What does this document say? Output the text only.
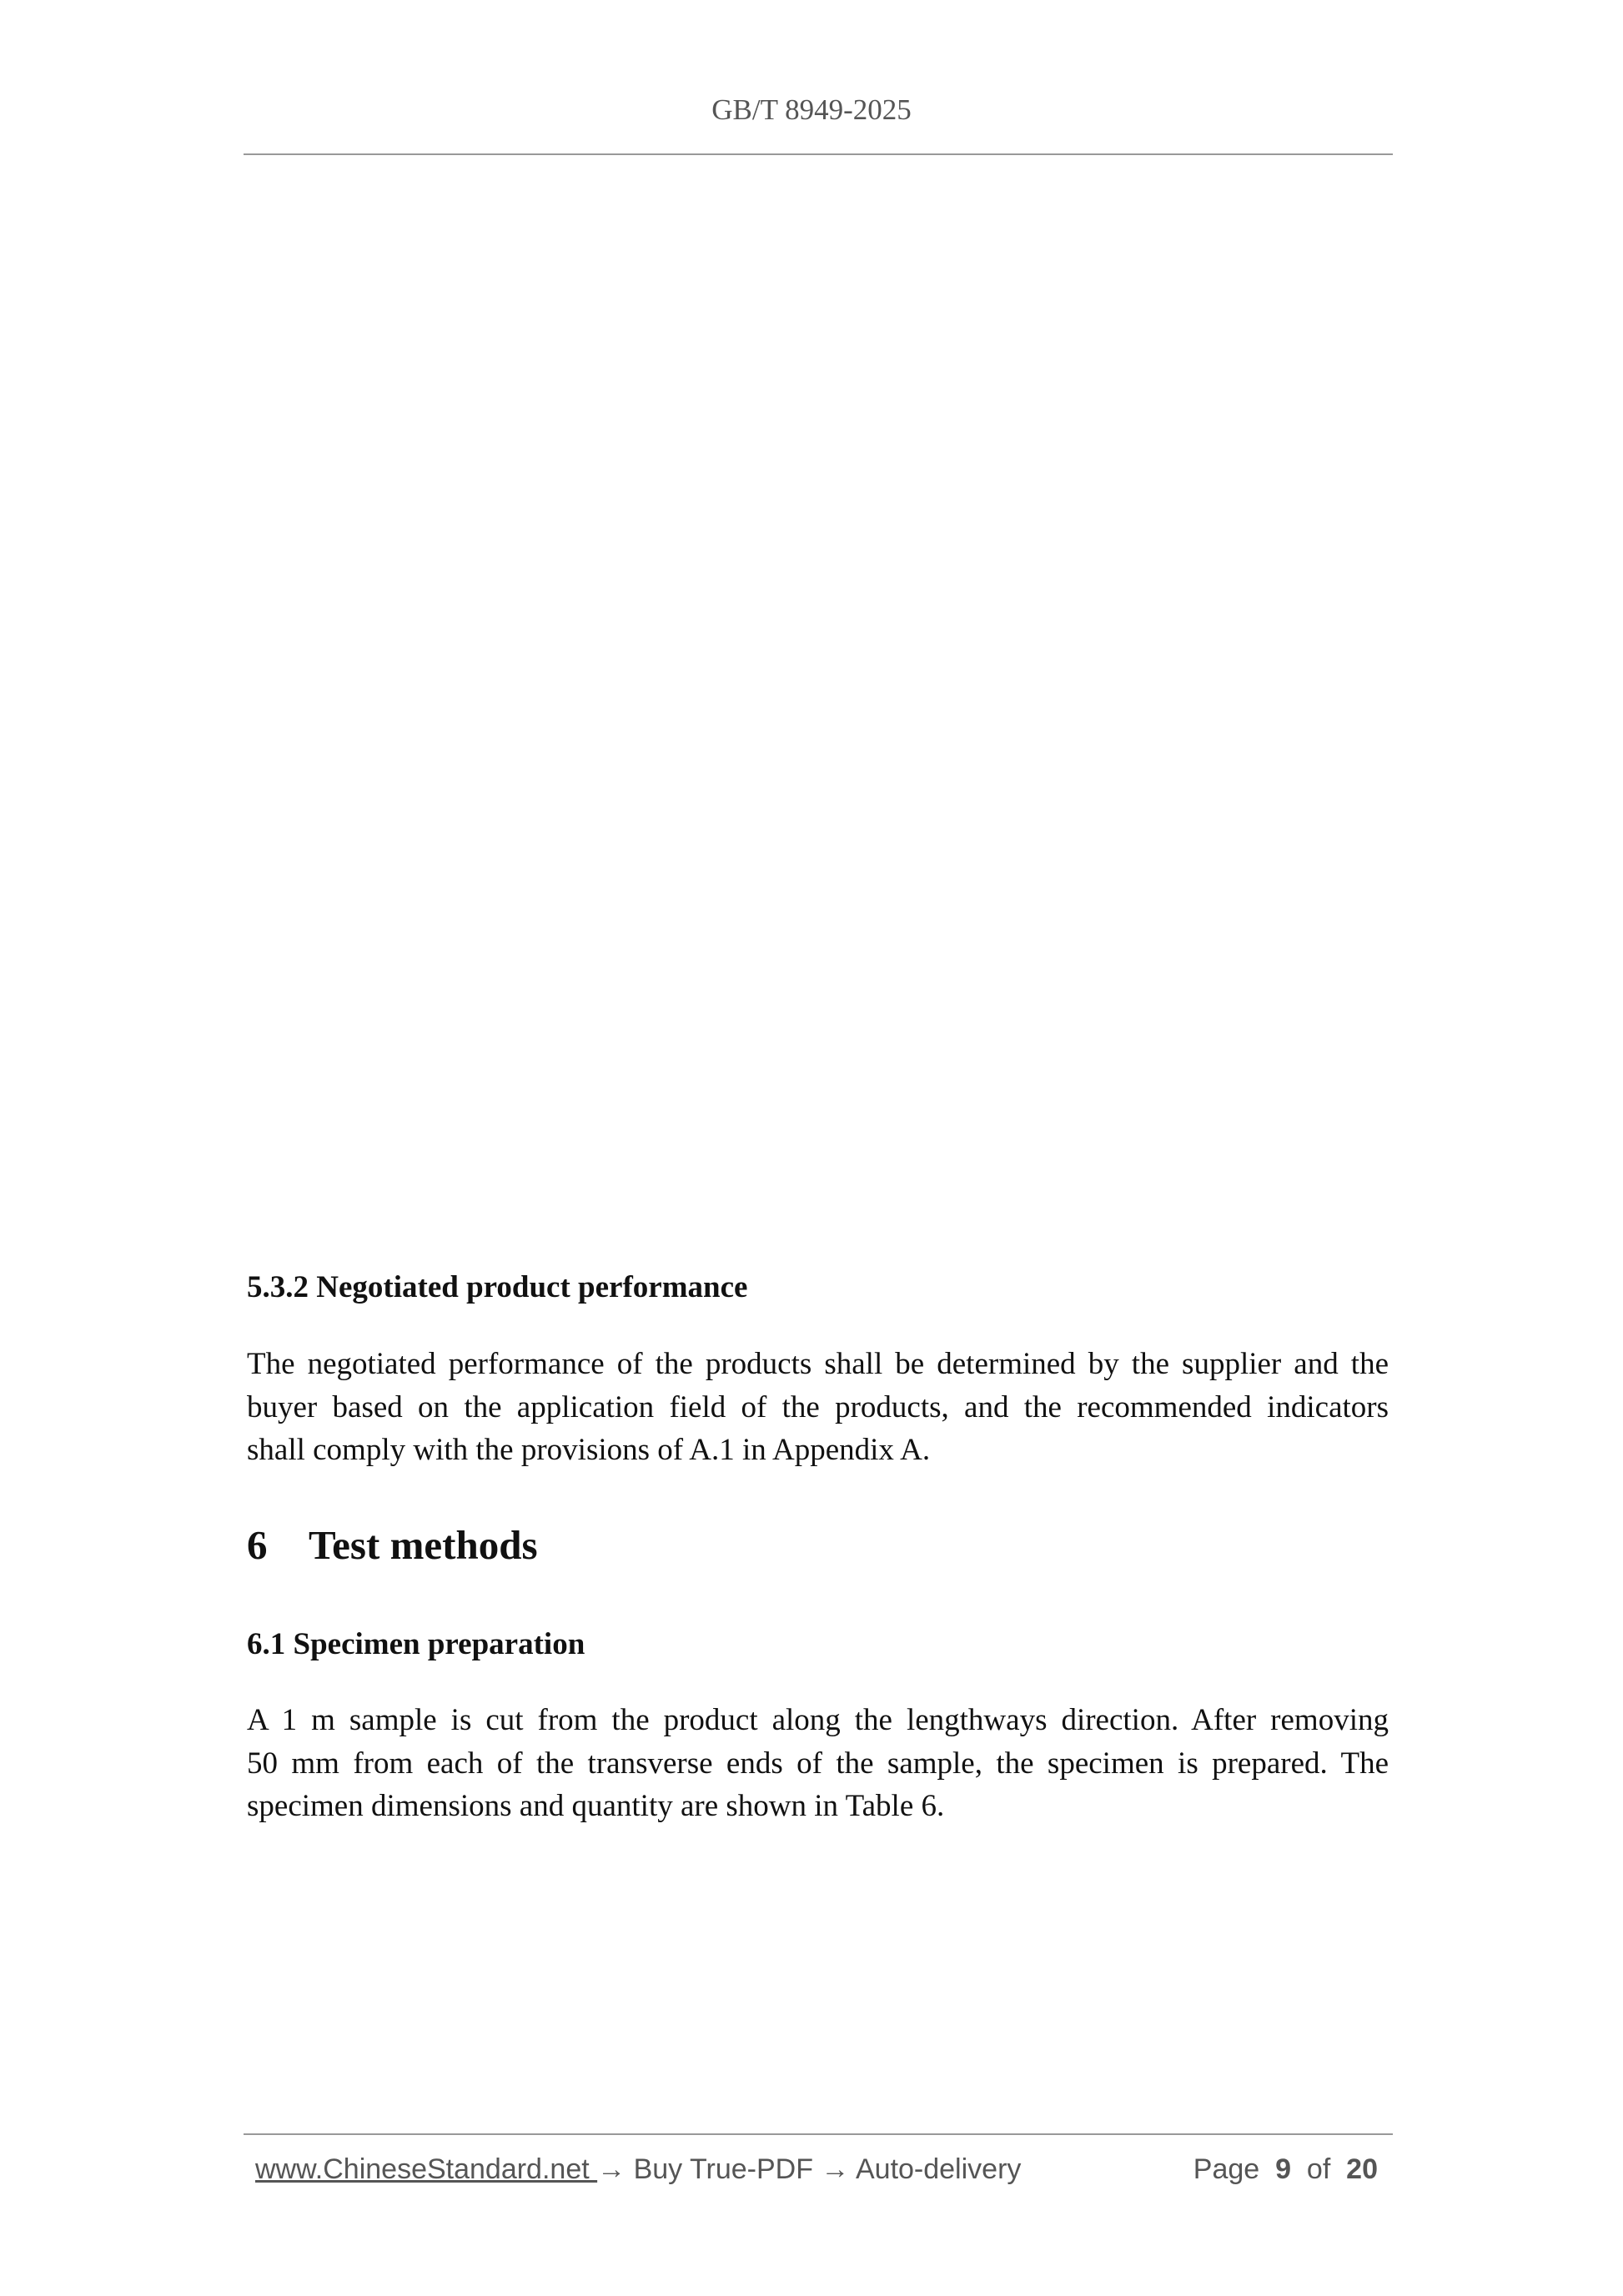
GB/T 8949-2025
5.3.2 Negotiated product performance
The negotiated performance of the products shall be determined by the supplier and the
buyer based on the application field of the products, and the recommended indicators
shall comply with the provisions of A.1 in Appendix A.
6 Test methods
6.1 Specimen preparation
A 1 m sample is cut from the product along the lengthways direction. After removing
50 mm from each of the transverse ends of the sample, the specimen is prepared. The
specimen dimensions and quantity are shown in Table 6.
www.ChineseStandard.net → Buy True-PDF → Auto-delivery	Page 9 of 20
